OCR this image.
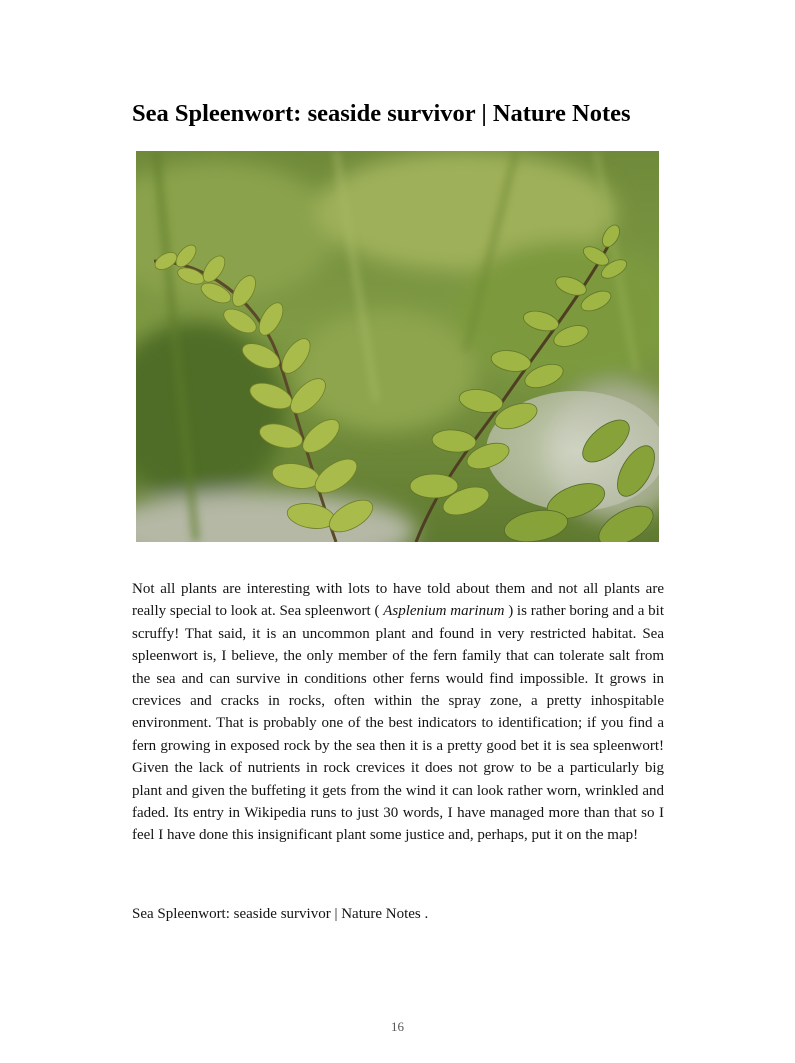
Sea Spleenwort: seaside survivor | Nature Notes

Not all plants are interesting with lots to have told about them and not all plants are really special to look at. Sea spleenwort ( Asplenium marinum ) is rather boring and a bit scruffy! That said, it is an uncommon plant and found in very restricted habitat. Sea spleenwort is, I believe, the only member of the fern family that can tolerate salt from the sea and can survive in conditions other ferns would find impossible. It grows in crevices and cracks in rocks, often within the spray zone, a pretty inhospitable environment. That is probably one of the best indicators to identification; if you find a fern growing in exposed rock by the sea then it is a pretty good bet it is sea spleenwort! Given the lack of nutrients in rock crevices it does not grow to be a particularly big plant and given the buffeting it gets from the wind it can look rather worn, wrinkled and faded. Its entry in Wikipedia runs to just 30 words, I have managed more than that so I feel I have done this insignificant plant some justice and, perhaps, put it on the map!

Sea Spleenwort: seaside survivor | Nature Notes .

16
